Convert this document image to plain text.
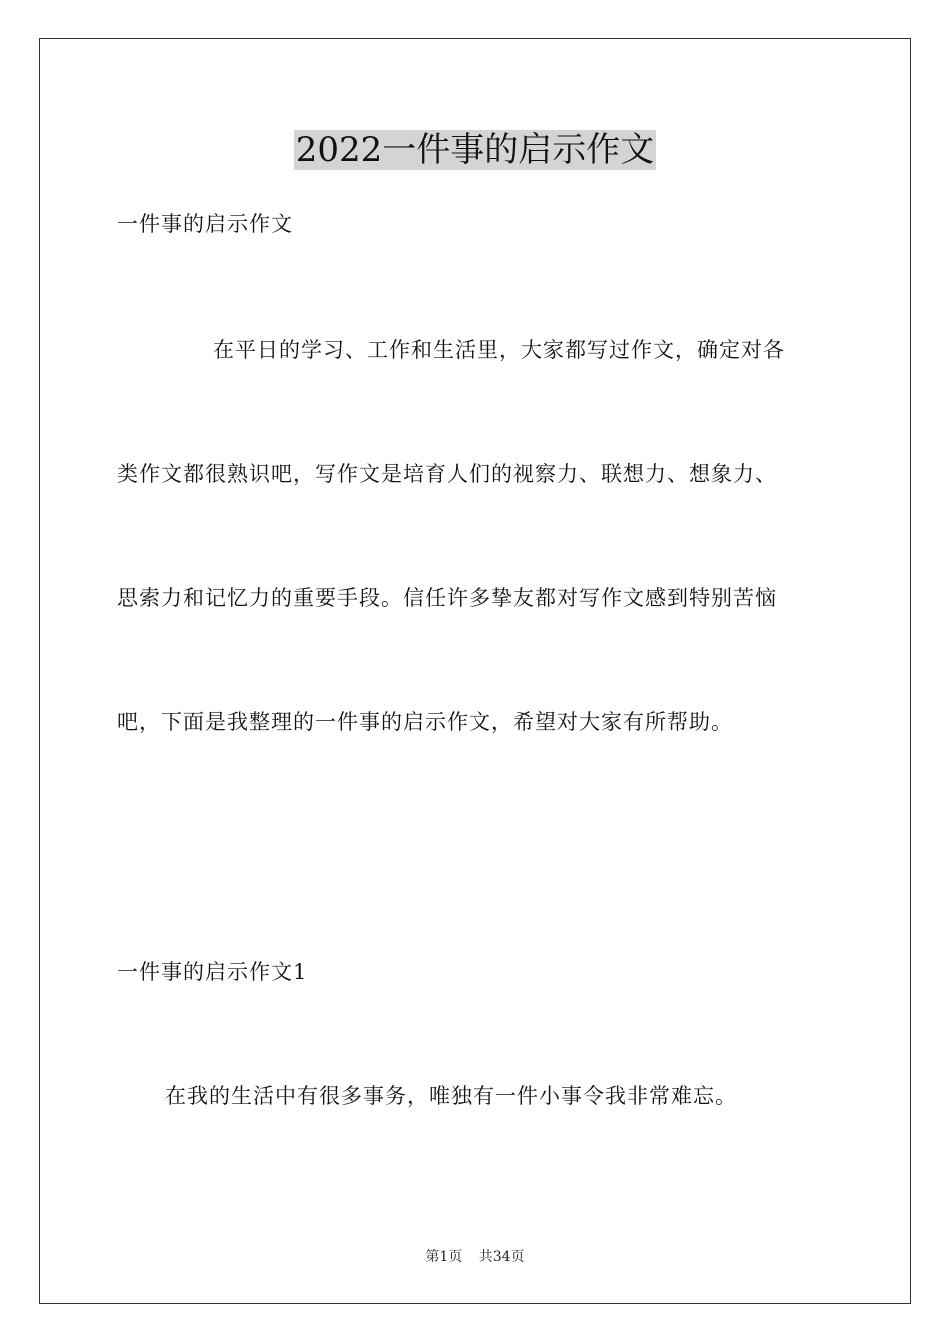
2022一件事的启示作文
一件事的启示作文
在平日的学习、工作和生活里，大家都写过作文，确定对各
类作文都很熟识吧，写作文是培育人们的视察力、联想力、想象力、
思索力和记忆力的重要手段。信任许多挚友都对写作文感到特别苦恼
吧，下面是我整理的一件事的启示作文，希望对大家有所帮助。
一件事的启示作文1
在我的生活中有很多事务，唯独有一件小事令我非常难忘。
第1页 共34页
